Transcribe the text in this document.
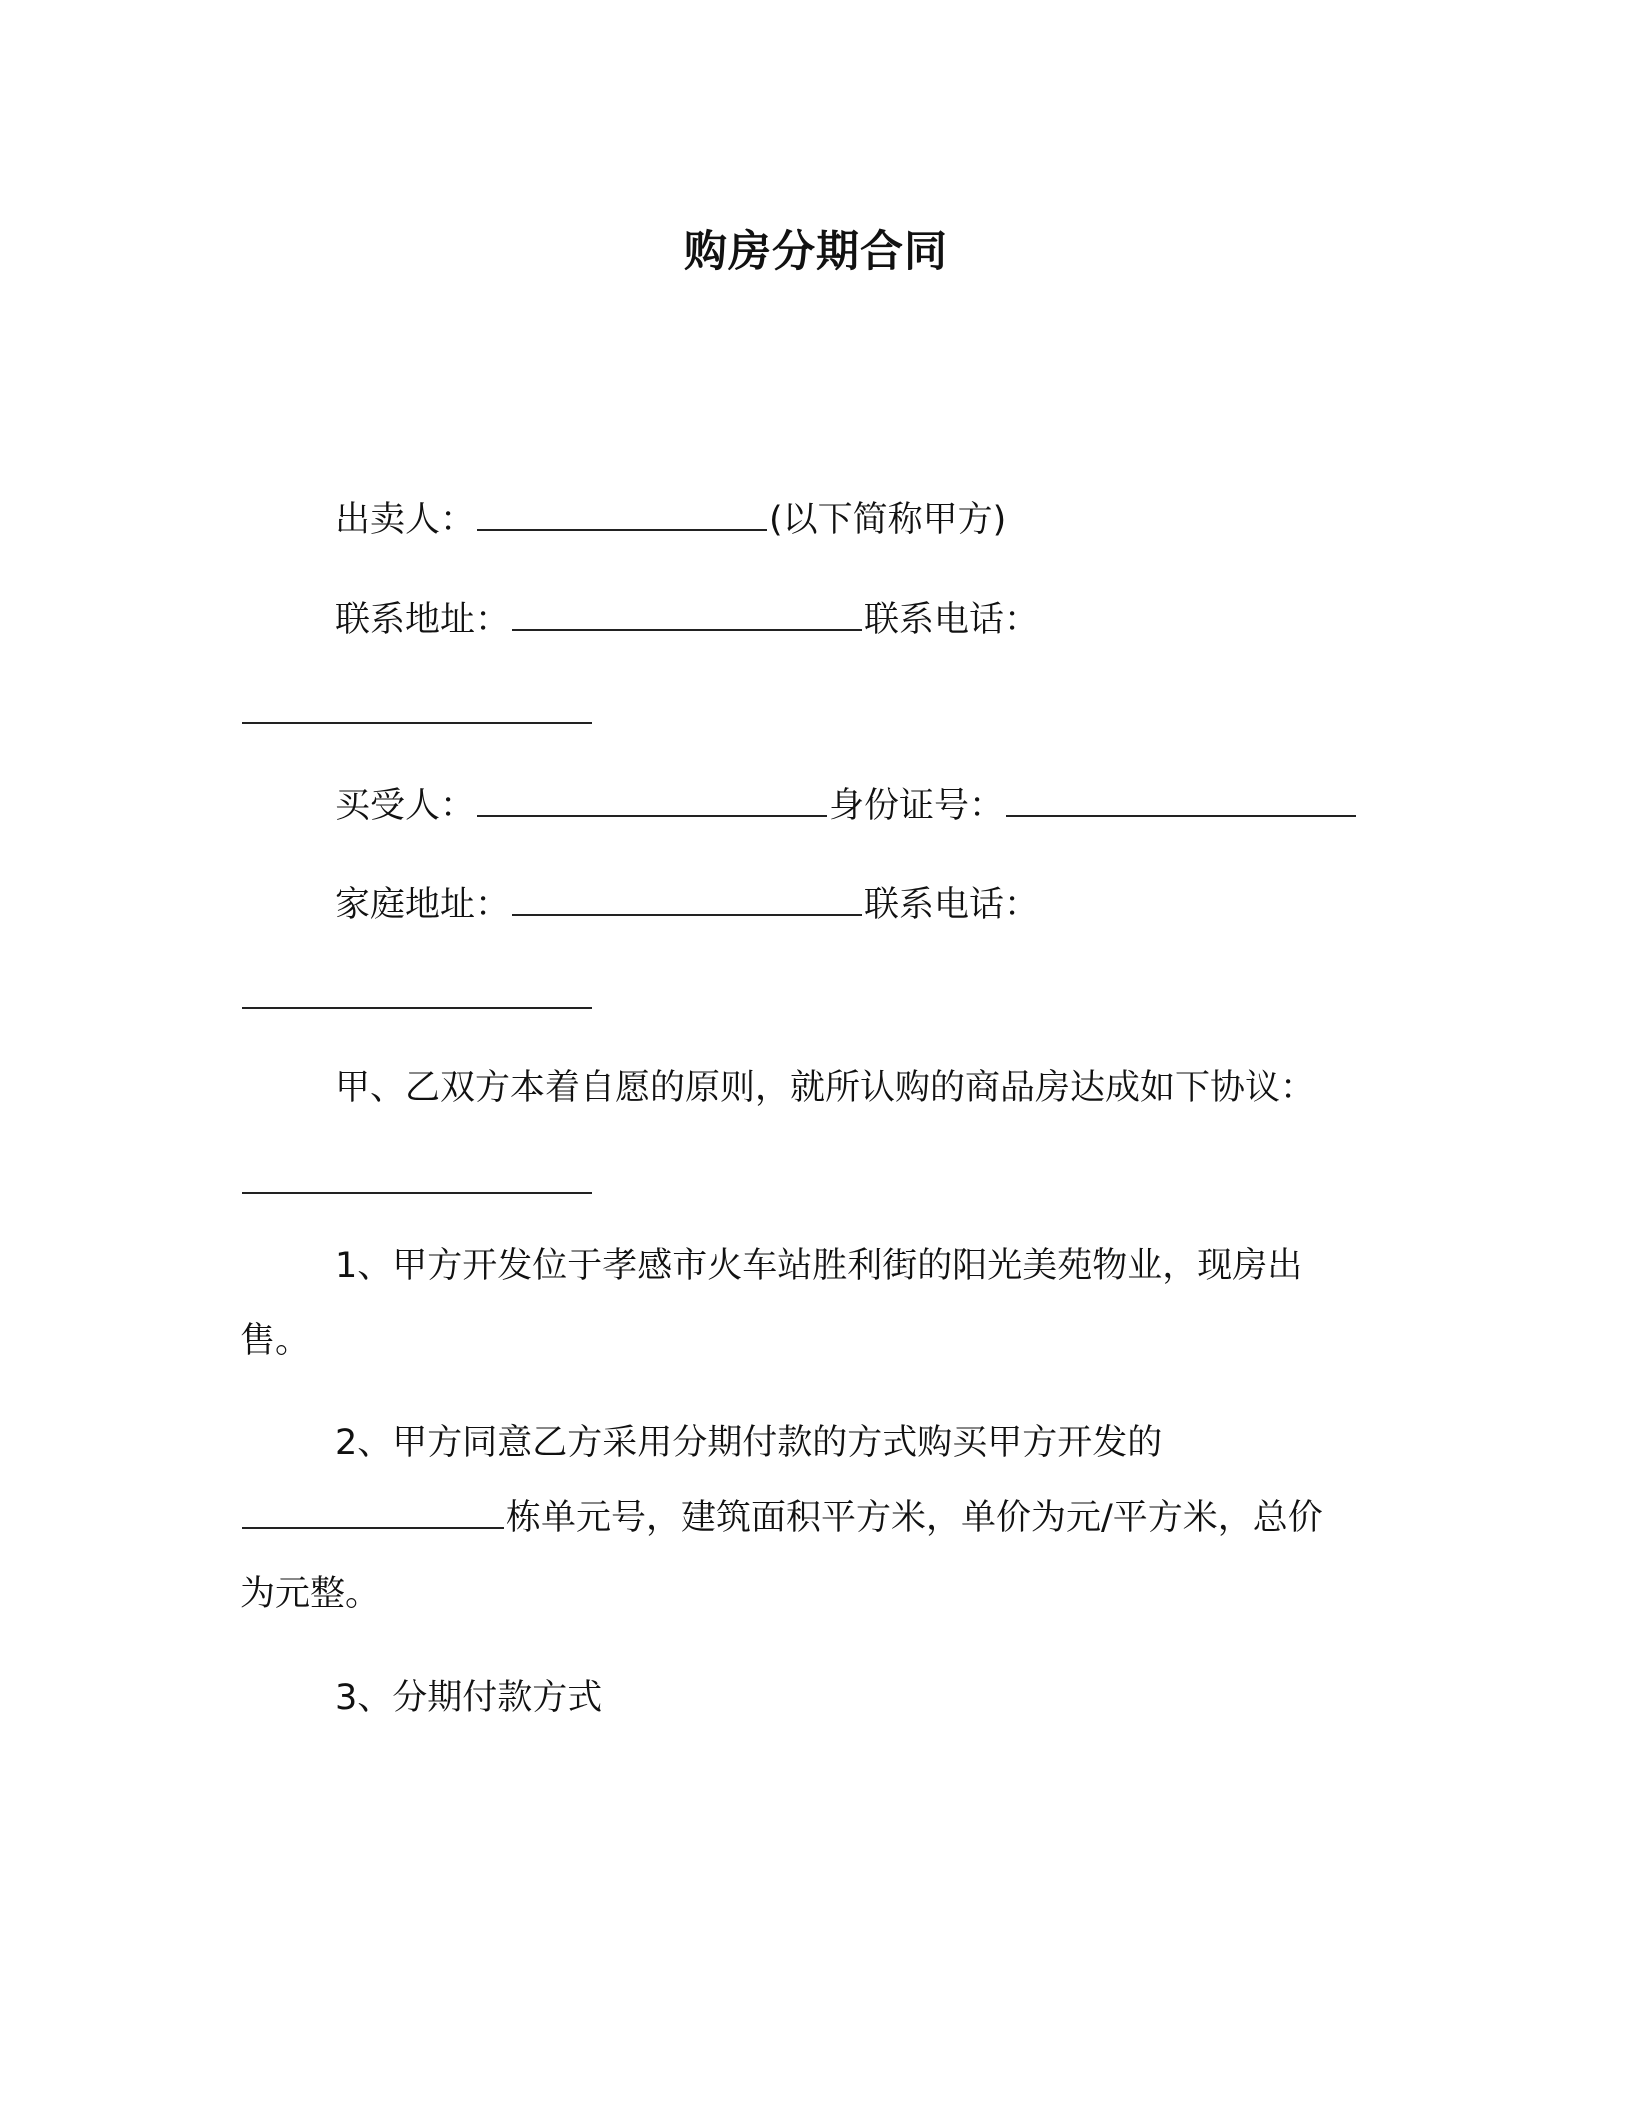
购房分期合同
出卖人：	(以下简称甲方)
联系地址：	联系电话：
买受人：	身份证号：
家庭地址：	联系电话：
甲、乙双方本着自愿的原则，就所认购的商品房达成如下协议：
1、甲方开发位于孝感市火车站胜利街的阳光美苑物业，现房出
售。
2、甲方同意乙方采用分期付款的方式购买甲方开发的
栋单元号，建筑面积平方米，单价为元/平方米，总价
为元整。
3、分期付款方式
